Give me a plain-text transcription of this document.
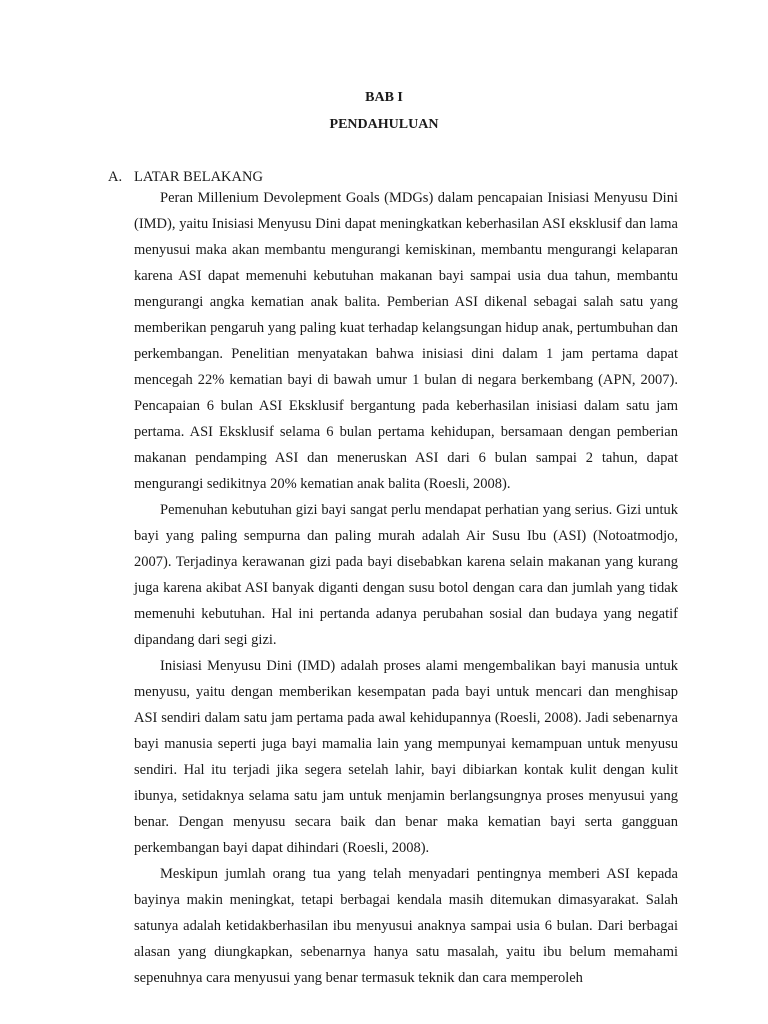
BAB I
PENDAHULUAN
A. LATAR BELAKANG

Peran Millenium Devolepment Goals (MDGs) dalam pencapaian Inisiasi Menyusu Dini (IMD), yaitu Inisiasi Menyusu Dini dapat meningkatkan keberhasilan ASI eksklusif dan lama menyusui maka akan membantu mengurangi kemiskinan, membantu mengurangi kelaparan karena ASI dapat memenuhi kebutuhan makanan bayi sampai usia dua tahun, membantu mengurangi angka kematian anak balita. Pemberian ASI dikenal sebagai salah satu yang memberikan pengaruh yang paling kuat terhadap kelangsungan hidup anak, pertumbuhan dan perkembangan. Penelitian menyatakan bahwa inisiasi dini dalam 1 jam pertama dapat mencegah 22% kematian bayi di bawah umur 1 bulan di negara berkembang (APN, 2007). Pencapaian 6 bulan ASI Eksklusif bergantung pada keberhasilan inisiasi dalam satu jam pertama. ASI Eksklusif selama 6 bulan pertama kehidupan, bersamaan dengan pemberian makanan pendamping ASI dan meneruskan ASI dari 6 bulan sampai 2 tahun, dapat mengurangi sedikitnya 20% kematian anak balita (Roesli, 2008).

Pemenuhan kebutuhan gizi bayi sangat perlu mendapat perhatian yang serius. Gizi untuk bayi yang paling sempurna dan paling murah adalah Air Susu Ibu (ASI) (Notoatmodjo, 2007). Terjadinya kerawanan gizi pada bayi disebabkan karena selain makanan yang kurang juga karena akibat ASI banyak diganti dengan susu botol dengan cara dan jumlah yang tidak memenuhi kebutuhan. Hal ini pertanda adanya perubahan sosial dan budaya yang negatif dipandang dari segi gizi.

Inisiasi Menyusu Dini (IMD) adalah proses alami mengembalikan bayi manusia untuk menyusu, yaitu dengan memberikan kesempatan pada bayi untuk mencari dan menghisap ASI sendiri dalam satu jam pertama pada awal kehidupannya (Roesli, 2008). Jadi sebenarnya bayi manusia seperti juga bayi mamalia lain yang mempunyai kemampuan untuk menyusu sendiri. Hal itu terjadi jika segera setelah lahir, bayi dibiarkan kontak kulit dengan kulit ibunya, setidaknya selama satu jam untuk menjamin berlangsungnya proses menyusui yang benar. Dengan menyusu secara baik dan benar maka kematian bayi serta gangguan perkembangan bayi dapat dihindari (Roesli, 2008).

Meskipun jumlah orang tua yang telah menyadari pentingnya memberi ASI kepada bayinya makin meningkat, tetapi berbagai kendala masih ditemukan dimasyarakat. Salah satunya adalah ketidakberhasilan ibu menyusui anaknya sampai usia 6 bulan. Dari berbagai alasan yang diungkapkan, sebenarnya hanya satu masalah, yaitu ibu belum memahami sepenuhnya cara menyusui yang benar termasuk teknik dan cara memperoleh
